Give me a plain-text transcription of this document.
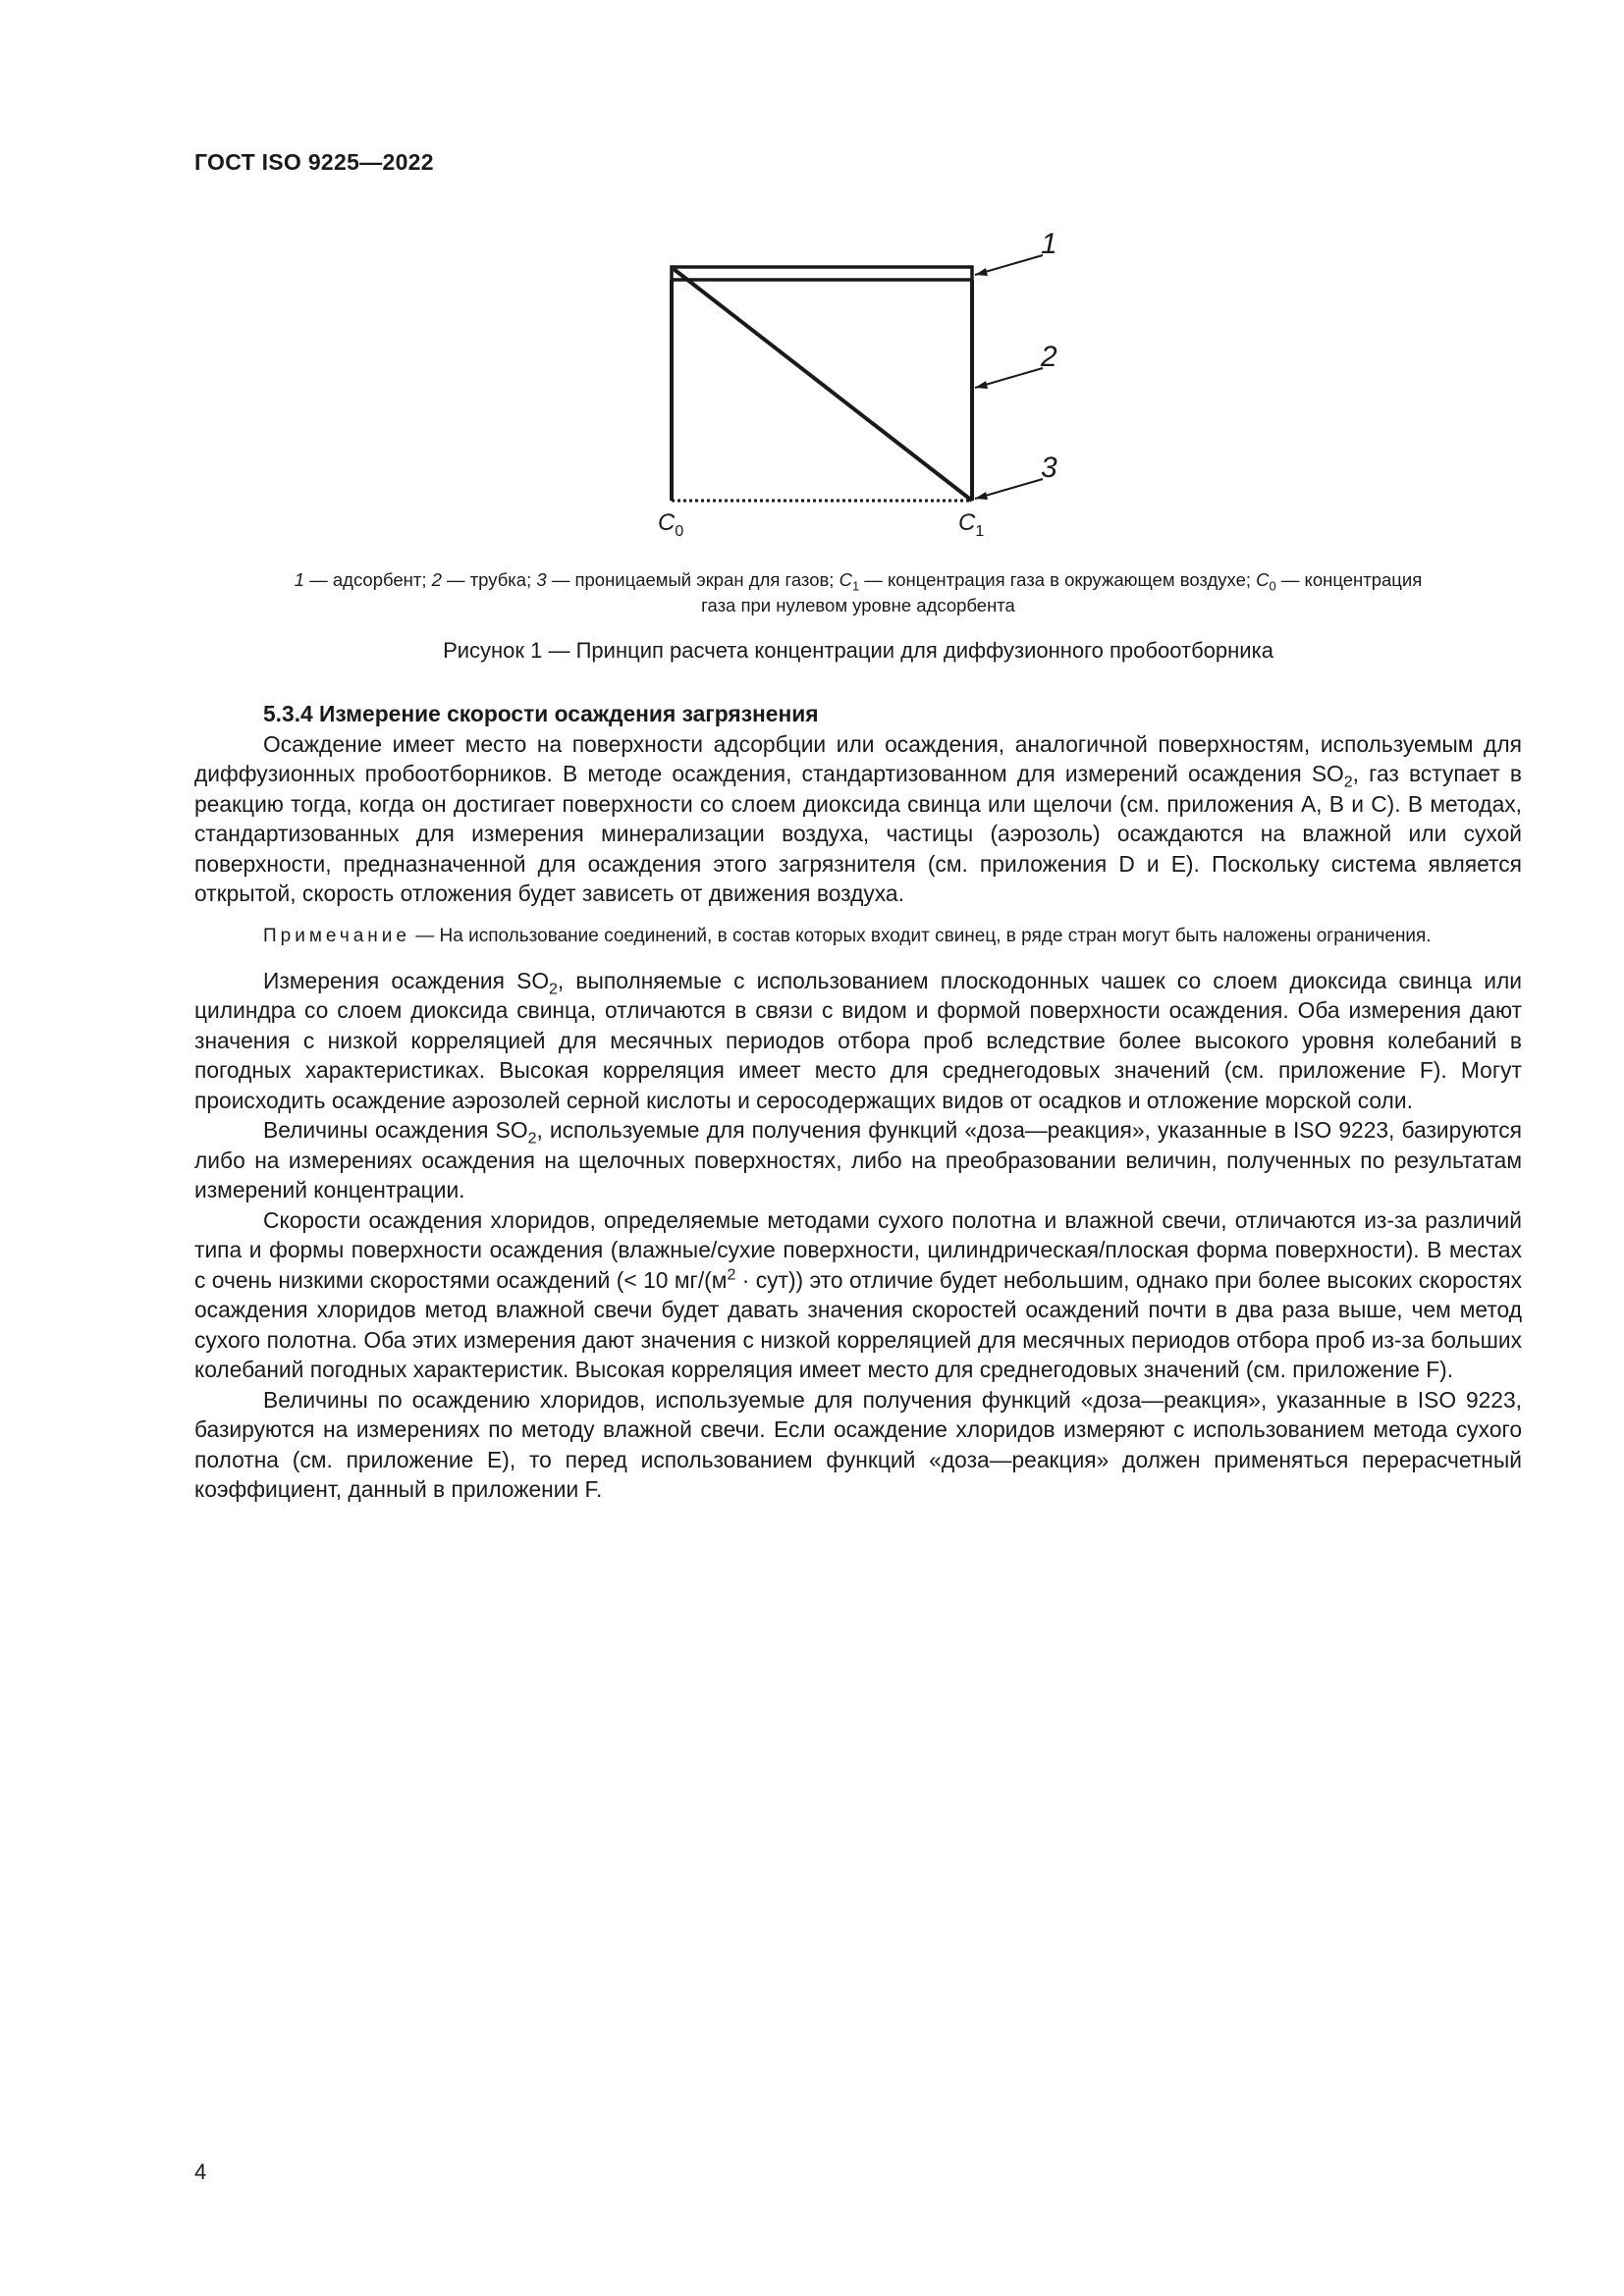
ГОСТ ISO 9225—2022
1
2
3
$C_0$	$C_1$
1 — адсорбент; 2 — трубка; 3 — проницаемый экран для газов; $C_1$ — концентрация газа в окружающем воздухе; $C_0$ — концентрация
газа при нулевом уровне адсорбента
Рисунок 1 — Принцип расчета концентрации для диффузионного пробоотборника

5.3.4 Измерение скорости осаждения загрязнения

Осаждение имеет место на поверхности адсорбции или осаждения, аналогичной поверхностям, используемым для диффузионных пробоотборников. В методе осаждения, стандартизованном для измерений осаждения $SO_2$, газ вступает в реакцию тогда, когда он достигает поверхности со слоем диоксида свинца или щелочи (см. приложения А, В и С). В методах, стандартизованных для измерения минерализации воздуха, частицы (аэрозоль) осаждаются на влажной или сухой поверхности, предназначенной для осаждения этого загрязнителя (см. приложения D и Е). Поскольку система является открытой, скорость отложения будет зависеть от движения воздуха.

Примечание — На использование соединений, в состав которых входит свинец, в ряде стран могут быть наложены ограничения.

Измерения осаждения $SO_2$, выполняемые с использованием плоскодонных чашек со слоем диоксида свинца или цилиндра со слоем диоксида свинца, отличаются в связи с видом и формой поверхности осаждения. Оба измерения дают значения с низкой корреляцией для месячных периодов отбора проб вследствие более высокого уровня колебаний в погодных характеристиках. Высокая корреляция имеет место для среднегодовых значений (см. приложение F). Могут происходить осаждение аэрозолей серной кислоты и серосодержащих видов от осадков и отложение морской соли.

Величины осаждения $SO_2$, используемые для получения функций «доза—реакция», указанные в ISO 9223, базируются либо на измерениях осаждения на щелочных поверхностях, либо на преобразовании величин, полученных по результатам измерений концентрации.

Скорости осаждения хлоридов, определяемые методами сухого полотна и влажной свечи, отличаются из-за различий типа и формы поверхности осаждения (влажные/сухие поверхности, цилиндрическая/плоская форма поверхности). В местах с очень низкими скоростями осаждений (< 10 $мг/(м^2 \cdot сут)$) это отличие будет небольшим, однако при более высоких скоростях осаждения хлоридов метод влажной свечи будет давать значения скоростей осаждений почти в два раза выше, чем метод сухого полотна. Оба этих измерения дают значения с низкой корреляцией для месячных периодов отбора проб из-за больших колебаний погодных характеристик. Высокая корреляция имеет место для среднегодовых значений (см. приложение F).

Величины по осаждению хлоридов, используемые для получения функций «доза—реакция», указанные в ISO 9223, базируются на измерениях по методу влажной свечи. Если осаждение хлоридов измеряют с использованием метода сухого полотна (см. приложение Е), то перед использованием функций «доза—реакция» должен применяться перерасчетный коэффициент, данный в приложении F.

4
